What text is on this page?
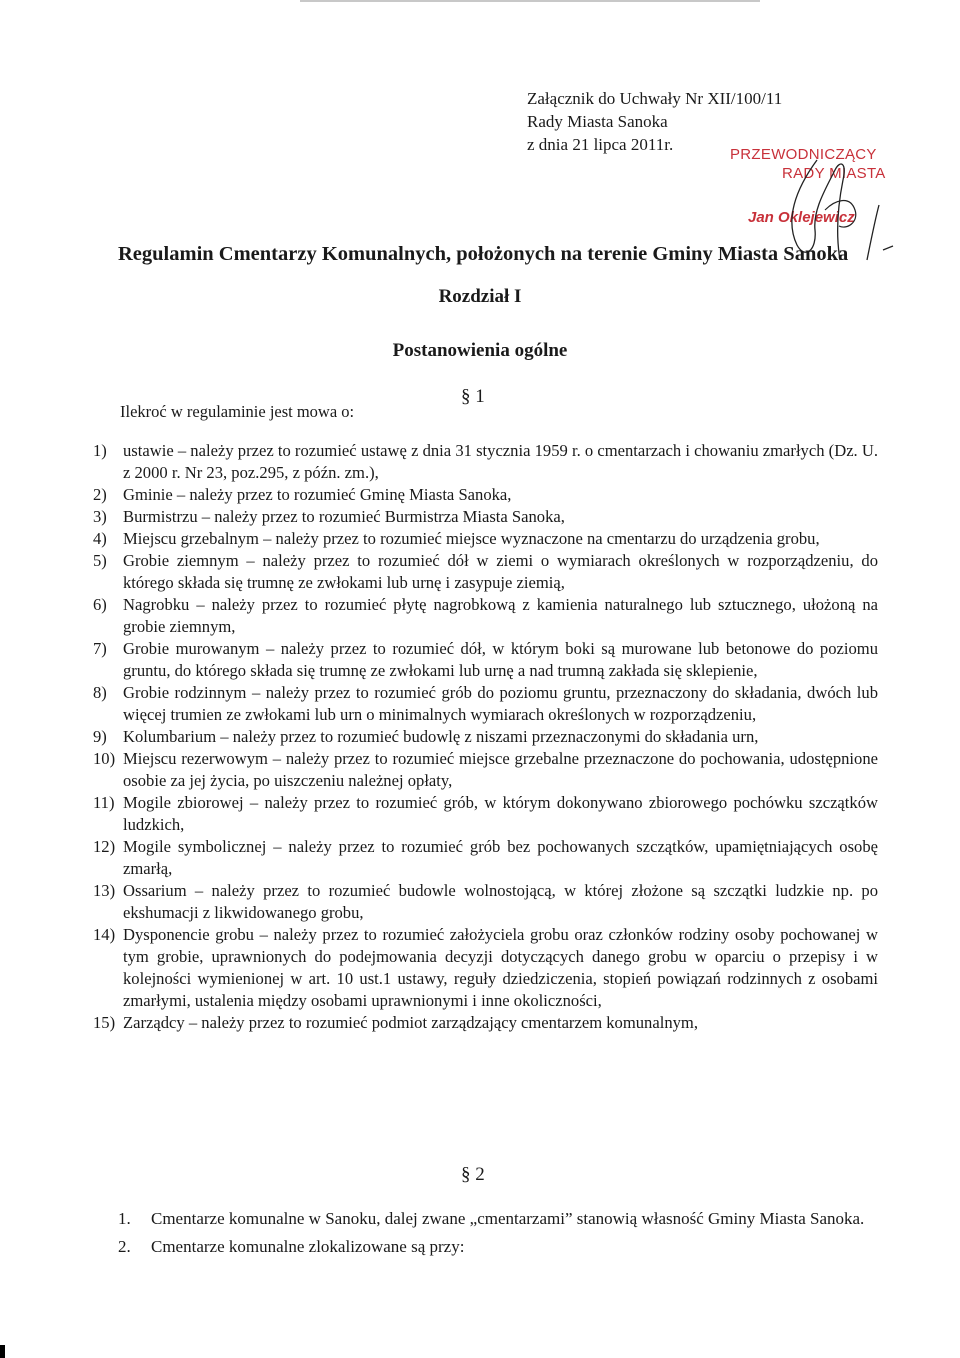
Załącznik do Uchwały Nr XII/100/11
Rady Miasta Sanoka
z dnia 21 lipca 2011r.
PRZEWODNICZĄCY
RADY MIASTA
Jan Oklejewicz
Regulamin Cmentarzy Komunalnych, położonych na terenie Gminy Miasta Sanoka
Rozdział I
Postanowienia ogólne
§ 1
Ilekroć w regulaminie jest mowa o:
1) ustawie – należy przez to rozumieć ustawę z dnia 31 stycznia 1959 r. o cmentarzach i chowaniu zmarłych (Dz. U. z 2000 r. Nr 23, poz.295, z późn. zm.),
2) Gminie – należy przez to rozumieć Gminę Miasta Sanoka,
3) Burmistrzu – należy przez to rozumieć Burmistrza Miasta Sanoka,
4) Miejscu grzebalnym – należy przez to rozumieć miejsce wyznaczone na cmentarzu do urządzenia grobu,
5) Grobie ziemnym – należy przez to rozumieć dół w ziemi o wymiarach określonych w rozporządzeniu, do którego składa się trumnę ze zwłokami lub urnę i zasypuje ziemią,
6) Nagrobku – należy przez to rozumieć płytę nagrobkową z kamienia naturalnego lub sztucznego, ułożoną na grobie ziemnym,
7) Grobie murowanym – należy przez to rozumieć dół, w którym boki są murowane lub betonowe do poziomu gruntu, do którego składa się trumnę ze zwłokami lub urnę a nad trumną zakłada się sklepienie,
8) Grobie rodzinnym – należy przez to rozumieć grób do poziomu gruntu, przeznaczony do składania, dwóch lub więcej trumien ze zwłokami lub urn o minimalnych wymiarach określonych w rozporządzeniu,
9) Kolumbarium – należy przez to rozumieć budowlę z niszami przeznaczonymi do składania urn,
10) Miejscu rezerwowym – należy przez to rozumieć miejsce grzebalne przeznaczone do pochowania, udostępnione osobie za jej życia, po uiszczeniu należnej opłaty,
11) Mogile zbiorowej – należy przez to rozumieć grób, w którym dokonywano zbiorowego pochówku szczątków ludzkich,
12) Mogile symbolicznej – należy przez to rozumieć grób bez pochowanych szczątków, upamiętniających osobę zmarłą,
13) Ossarium – należy przez to rozumieć budowle wolnostojącą, w której złożone są szczątki ludzkie np. po ekshumacji z likwidowanego grobu,
14) Dysponencie grobu – należy przez to rozumieć założyciela grobu oraz członków rodziny osoby pochowanej w tym grobie, uprawnionych do podejmowania decyzji dotyczących danego grobu w oparciu o przepisy i w kolejności wymienionej w art. 10 ust.1 ustawy, reguły dziedziczenia, stopień powiązań rodzinnych z osobami zmarłymi, ustalenia między osobami uprawnionymi i inne okoliczności,
15) Zarządcy – należy przez to rozumieć podmiot zarządzający cmentarzem komunalnym,
§ 2
1.	Cmentarze komunalne w Sanoku, dalej zwane „cmentarzami” stanowią własność Gminy Miasta Sanoka.
2.	Cmentarze komunalne zlokalizowane są przy:
